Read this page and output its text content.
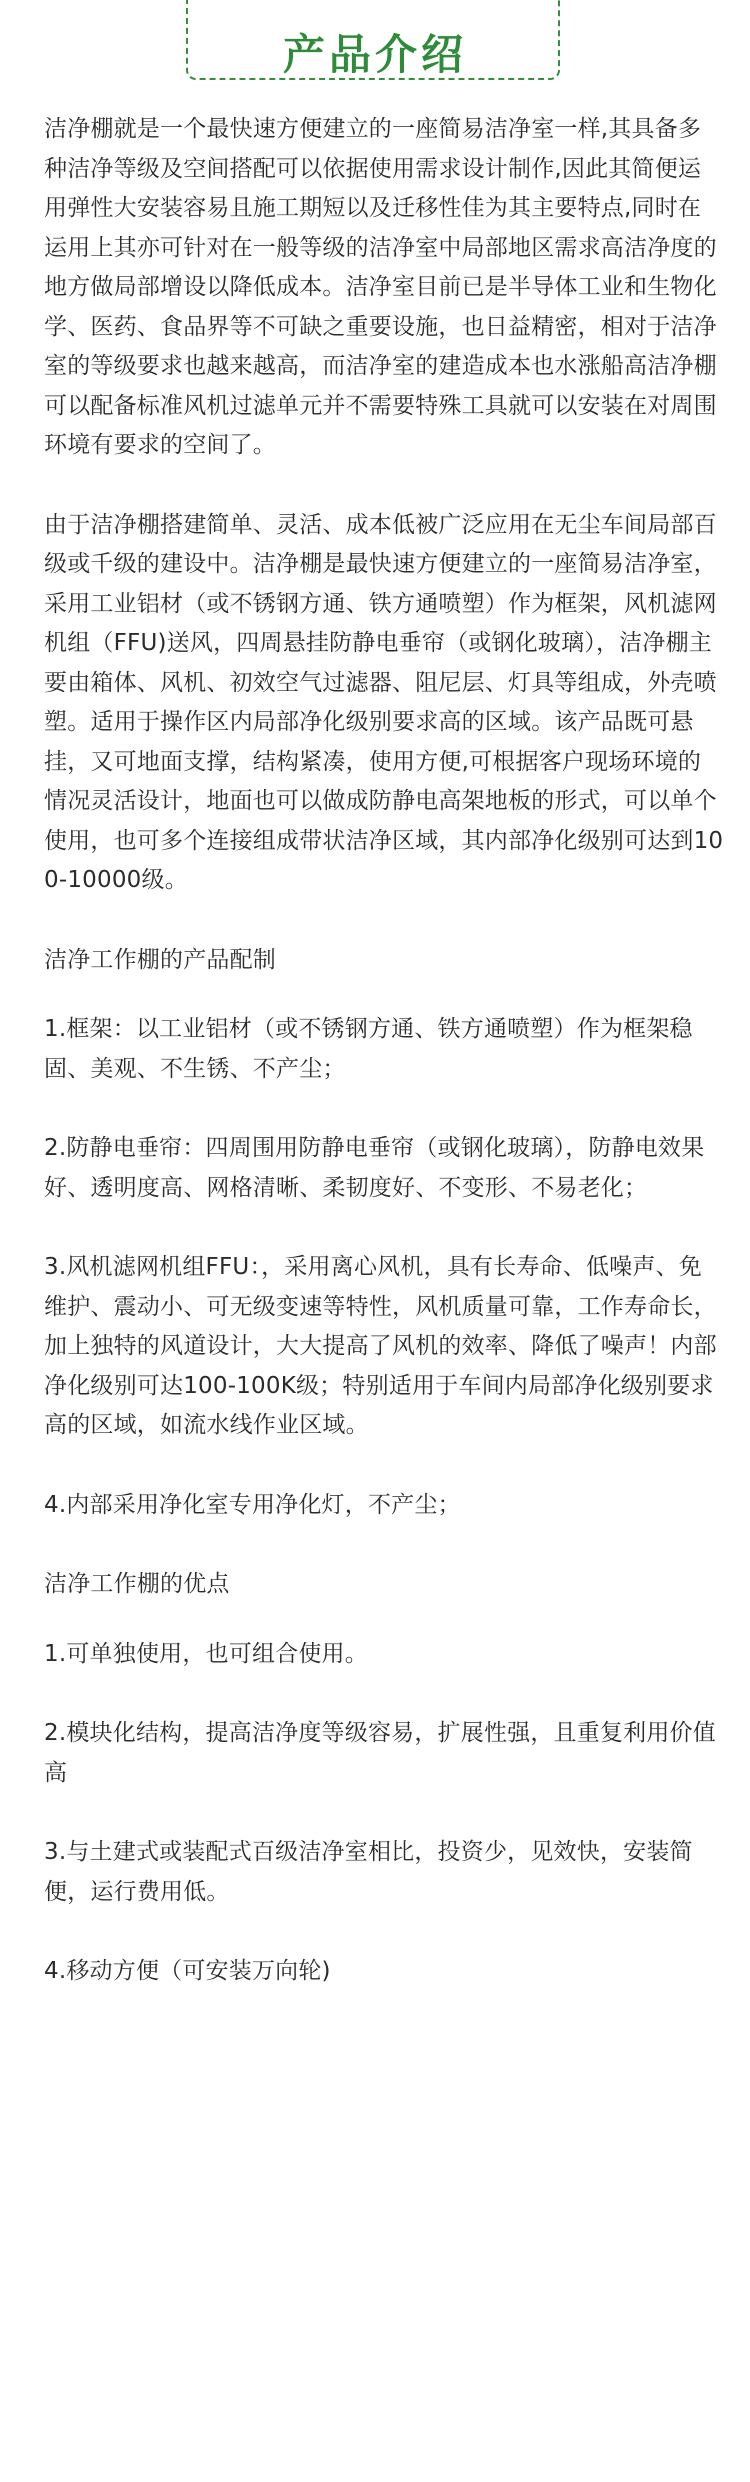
产品介绍

洁净棚就是一个最快速方便建立的一座简易洁净室一样,其具备多种洁净等级及空间搭配可以依据使用需求设计制作,因此其简便运用弹性大安装容易且施工期短以及迁移性佳为其主要特点,同时在运用上其亦可针对在一般等级的洁净室中局部地区需求高洁净度的地方做局部增设以降低成本。洁净室目前已是半导体工业和生物化学、医药、食品界等不可缺之重要设施，也日益精密，相对于洁净室的等级要求也越来越高，而洁净室的建造成本也水涨船高洁净棚可以配备标准风机过滤单元并不需要特殊工具就可以安装在对周围环境有要求的空间了。

由于洁净棚搭建简单、灵活、成本低被广泛应用在无尘车间局部百级或千级的建设中。洁净棚是最快速方便建立的一座简易洁净室，采用工业铝材（或不锈钢方通、铁方通喷塑）作为框架，风机滤网机组（FFU)送风，四周悬挂防静电垂帘（或钢化玻璃），洁净棚主要由箱体、风机、初效空气过滤器、阻尼层、灯具等组成，外壳喷塑。适用于操作区内局部净化级别要求高的区域。该产品既可悬挂，又可地面支撑，结构紧凑，使用方便,可根据客户现场环境的情况灵活设计，地面也可以做成防静电高架地板的形式，可以单个使用，也可多个连接组成带状洁净区域，其内部净化级别可达到100-10000级。

洁净工作棚的产品配制

1.框架：以工业铝材（或不锈钢方通、铁方通喷塑）作为框架稳固、美观、不生锈、不产尘；

2.防静电垂帘：四周围用防静电垂帘（或钢化玻璃），防静电效果好、透明度高、网格清晰、柔韧度好、不变形、不易老化；

3.风机滤网机组FFU：，采用离心风机，具有长寿命、低噪声、免维护、震动小、可无级变速等特性，风机质量可靠，工作寿命长，加上独特的风道设计，大大提高了风机的效率、降低了噪声！内部净化级别可达100-100K级；特别适用于车间内局部净化级别要求高的区域，如流水线作业区域。

4.内部采用净化室专用净化灯，不产尘；

洁净工作棚的优点

1.可单独使用，也可组合使用。

2.模块化结构，提高洁净度等级容易，扩展性强，且重复利用价值高

3.与土建式或装配式百级洁净室相比，投资少，见效快，安装简便，运行费用低。

4.移动方便（可安装万向轮)
